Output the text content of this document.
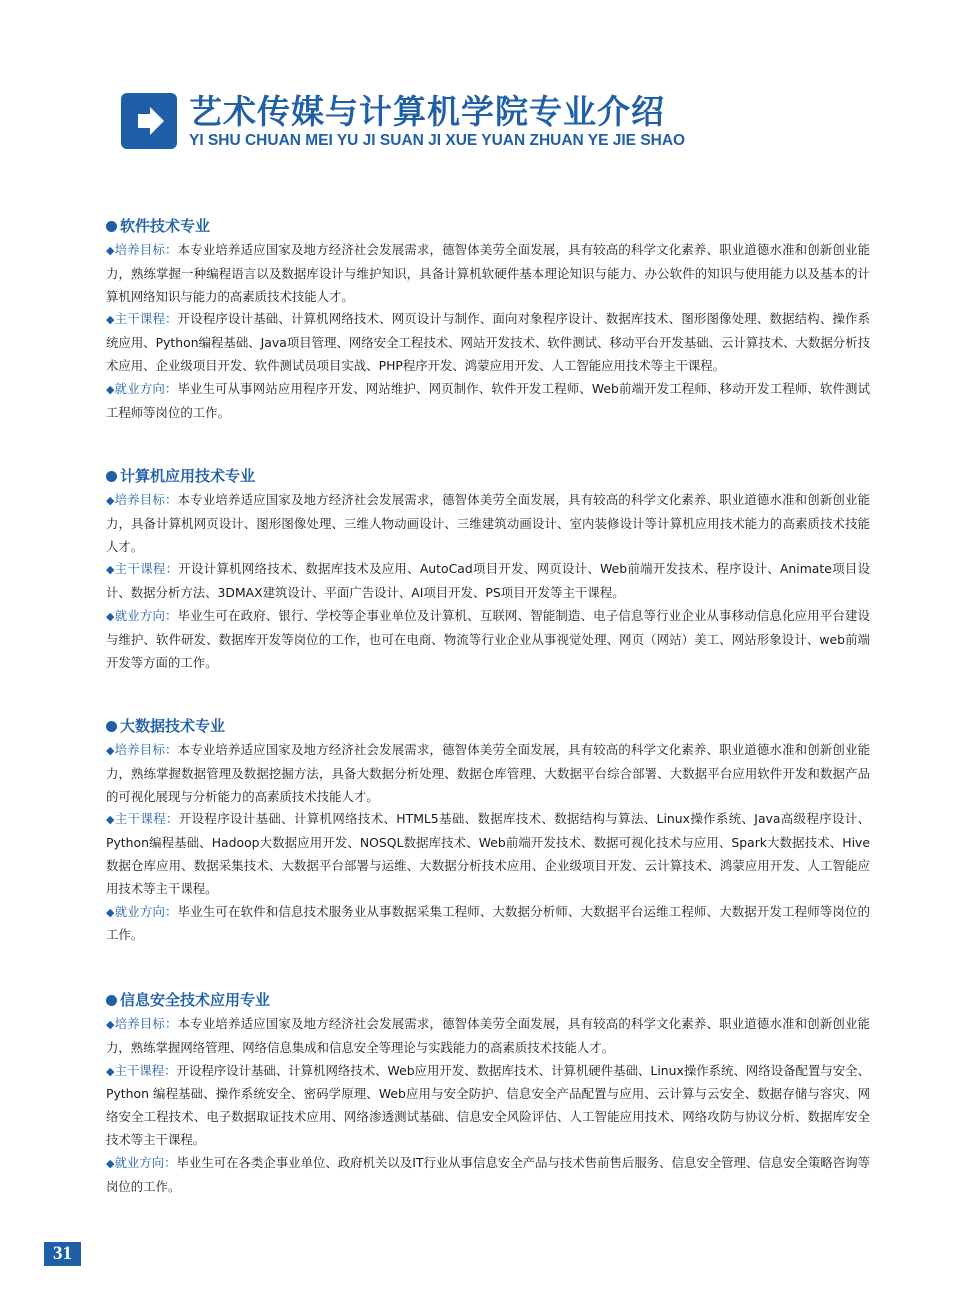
艺术传媒与计算机学院专业介绍
YI SHU CHUAN MEI YU JI SUAN JI XUE YUAN ZHUAN YE JIE SHAO
软件技术专业

◆培养目标：本专业培养适应国家及地方经济社会发展需求，德智体美劳全面发展，具有较高的科学文化素养、职业道德水准和创新创业能力，熟练掌握一种编程语言以及数据库设计与维护知识，具备计算机软硬件基本理论知识与能力、办公软件的知识与使用能力以及基本的计算机网络知识与能力的高素质技术技能人才。

◆主干课程：开设程序设计基础、计算机网络技术、网页设计与制作、面向对象程序设计、数据库技术、图形图像处理、数据结构、操作系统应用、Python编程基础、Java项目管理、网络安全工程技术、网站开发技术、软件测试、移动平台开发基础、云计算技术、大数据分析技术应用、企业级项目开发、软件测试员项目实战、PHP程序开发、鸿蒙应用开发、人工智能应用技术等主干课程。

◆就业方向：毕业生可从事网站应用程序开发、网站维护、网页制作、软件开发工程师、Web前端开发工程师、移动开发工程师、软件测试工程师等岗位的工作。

计算机应用技术专业

◆培养目标：本专业培养适应国家及地方经济社会发展需求，德智体美劳全面发展，具有较高的科学文化素养、职业道德水准和创新创业能力，具备计算机网页设计、图形图像处理、三维人物动画设计、三维建筑动画设计、室内装修设计等计算机应用技术能力的高素质技术技能人才。

◆主干课程：开设计算机网络技术、数据库技术及应用、AutoCad项目开发、网页设计、Web前端开发技术、程序设计、Animate项目设计、数据分析方法、3DMAX建筑设计、平面广告设计、AI项目开发、PS项目开发等主干课程。

◆就业方向：毕业生可在政府、银行、学校等企事业单位及计算机、互联网、智能制造、电子信息等行业企业从事移动信息化应用平台建设与维护、软件研发、数据库开发等岗位的工作，也可在电商、物流等行业企业从事视觉处理、网页（网站）美工、网站形象设计、web前端开发等方面的工作。

大数据技术专业

◆培养目标：本专业培养适应国家及地方经济社会发展需求，德智体美劳全面发展，具有较高的科学文化素养、职业道德水准和创新创业能力，熟练掌握数据管理及数据挖掘方法，具备大数据分析处理、数据仓库管理、大数据平台综合部署、大数据平台应用软件开发和数据产品的可视化展现与分析能力的高素质技术技能人才。

◆主干课程：开设程序设计基础、计算机网络技术、HTML5基础、数据库技术、数据结构与算法、Linux操作系统、Java高级程序设计、Python编程基础、Hadoop大数据应用开发、NOSQL数据库技术、Web前端开发技术、数据可视化技术与应用、Spark大数据技术、Hive数据仓库应用、数据采集技术、大数据平台部署与运维、大数据分析技术应用、企业级项目开发、云计算技术、鸿蒙应用开发、人工智能应用技术等主干课程。

◆就业方向：毕业生可在软件和信息技术服务业从事数据采集工程师、大数据分析师、大数据平台运维工程师、大数据开发工程师等岗位的工作。

信息安全技术应用专业

◆培养目标：本专业培养适应国家及地方经济社会发展需求，德智体美劳全面发展，具有较高的科学文化素养、职业道德水准和创新创业能力，熟练掌握网络管理、网络信息集成和信息安全等理论与实践能力的高素质技术技能人才。

◆主干课程：开设程序设计基础、计算机网络技术、Web应用开发、数据库技术、计算机硬件基础、Linux操作系统、网络设备配置与安全、Python 编程基础、操作系统安全、密码学原理、Web应用与安全防护、信息安全产品配置与应用、云计算与云安全、数据存储与容灾、网络安全工程技术、电子数据取证技术应用、网络渗透测试基础、信息安全风险评估、人工智能应用技术、网络攻防与协议分析、数据库安全技术等主干课程。

◆就业方向：毕业生可在各类企事业单位、政府机关以及IT行业从事信息安全产品与技术售前售后服务、信息安全管理、信息安全策略咨询等岗位的工作。

31
